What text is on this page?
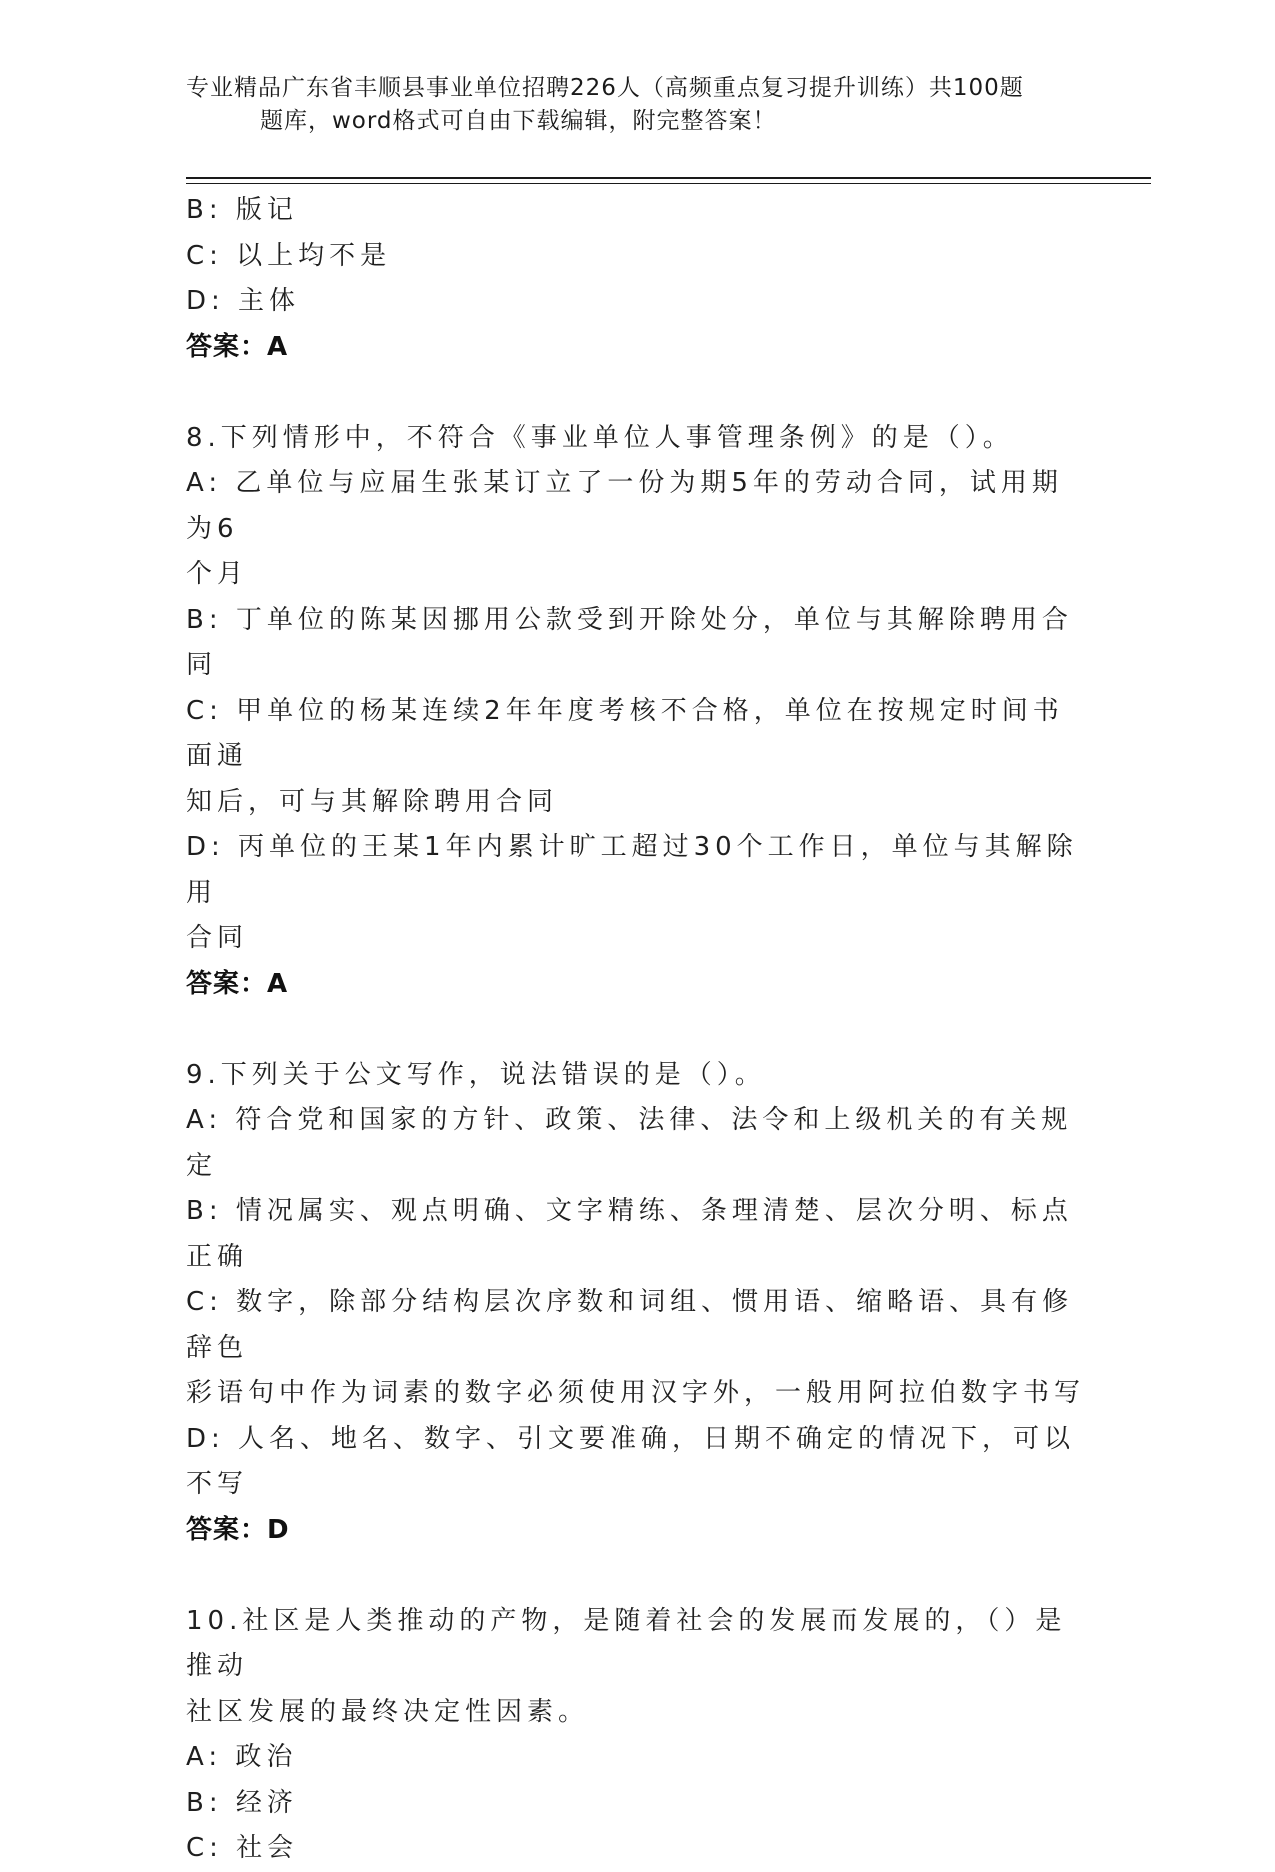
专业精品广东省丰顺县事业单位招聘226人（高频重点复习提升训练）共100题
题库，word格式可自由下载编辑，附完整答案！

B: 版记

C: 以上均不是

D: 主体

答案：A

8.下列情形中，不符合《事业单位人事管理条例》的是（）。

A: 乙单位与应届生张某订立了一份为期5年的劳动合同，试用期为6

个月

B: 丁单位的陈某因挪用公款受到开除处分，单位与其解除聘用合同

C: 甲单位的杨某连续2年年度考核不合格，单位在按规定时间书面通

知后，可与其解除聘用合同

D: 丙单位的王某1年内累计旷工超过30个工作日，单位与其解除用

合同

答案：A

9.下列关于公文写作，说法错误的是（）。

A: 符合党和国家的方针、政策、法律、法令和上级机关的有关规定

B: 情况属实、观点明确、文字精练、条理清楚、层次分明、标点正确

C: 数字，除部分结构层次序数和词组、惯用语、缩略语、具有修辞色

彩语句中作为词素的数字必须使用汉字外，一般用阿拉伯数字书写

D: 人名、地名、数字、引文要准确，日期不确定的情况下，可以不写

答案：D

10.社区是人类推动的产物，是随着社会的发展而发展的，（）是推动

社区发展的最终决定性因素。

A: 政治

B: 经济

C: 社会
